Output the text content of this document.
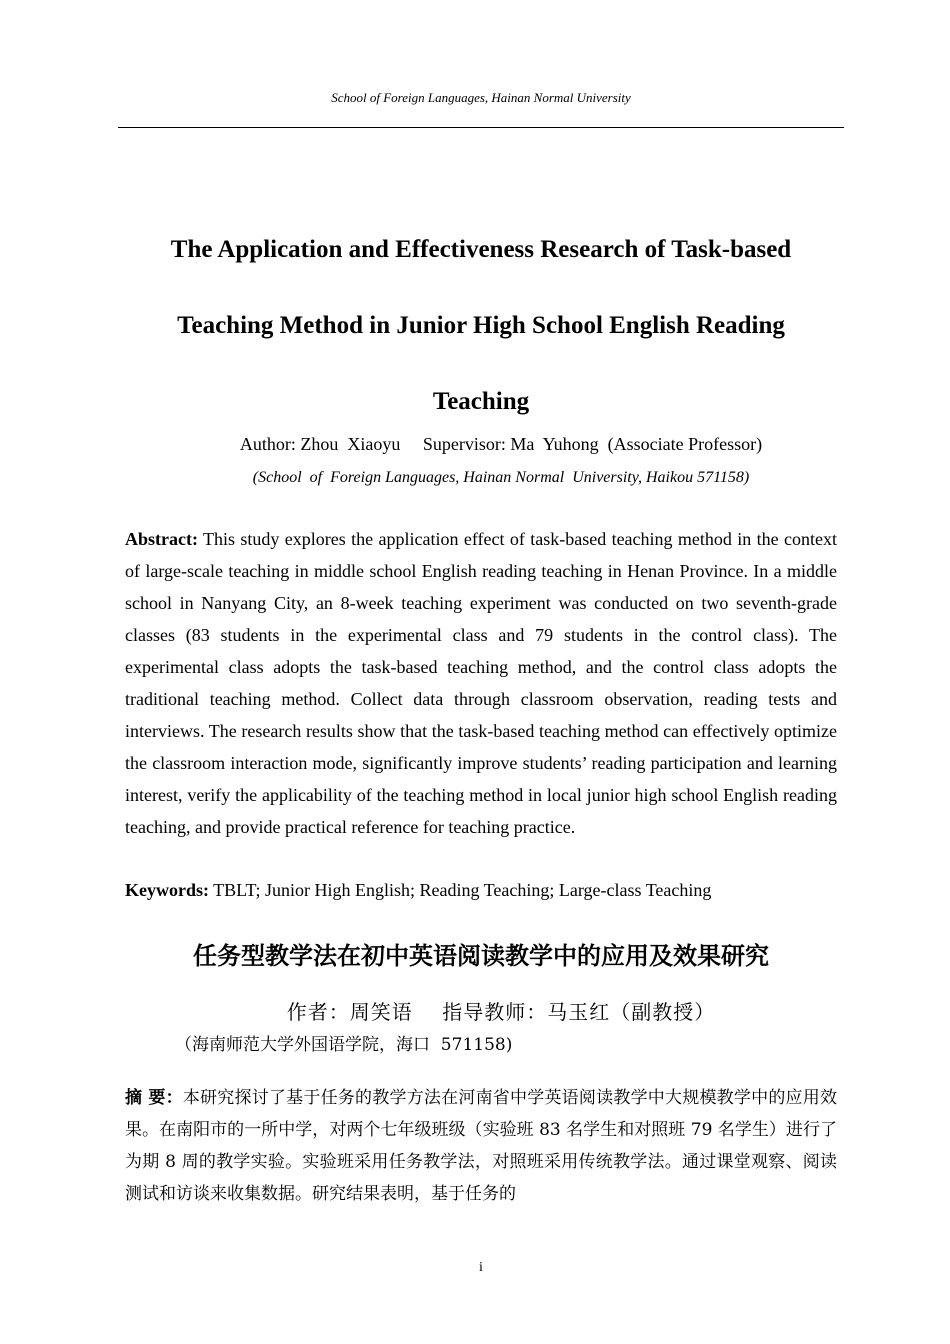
School of Foreign Languages, Hainan Normal University
The Application and Effectiveness Research of Task-based
Teaching Method in Junior High School English Reading
Teaching
Author: Zhou  Xiaoyu     Supervisor: Ma  Yuhong  (Associate Professor)
(School  of  Foreign Languages, Hainan Normal  University, Haikou 571158)

Abstract: This study explores the application effect of task-based teaching method in the context of large-scale teaching in middle school English reading teaching in Henan Province. In a middle school in Nanyang City, an 8-week teaching experiment was conducted on two seventh-grade classes (83 students in the experimental class and 79 students in the control class). The experimental class adopts the task-based teaching method, and the control class adopts the traditional teaching method. Collect data through classroom observation, reading tests and interviews. The research results show that the task-based teaching method can effectively optimize the classroom interaction mode, significantly improve students’ reading participation and learning interest, verify the applicability of the teaching method in local junior high school English reading teaching, and provide practical reference for teaching practice.

Keywords: TBLT; Junior High English; Reading Teaching; Large-class Teaching

任务型教学法在初中英语阅读教学中的应用及效果研究
作者：周笑语    指导教师：马玉红（副教授）
（海南师范大学外国语学院，海口  571158)

摘 要：本研究探讨了基于任务的教学方法在河南省中学英语阅读教学中大规模教学中的应用效果。在南阳市的一所中学，对两个七年级班级（实验班 83 名学生和对照班 79 名学生）进行了为期 8 周的教学实验。实验班采用任务教学法，对照班采用传统教学法。通过课堂观察、阅读测试和访谈来收集数据。研究结果表明，基于任务的

i
